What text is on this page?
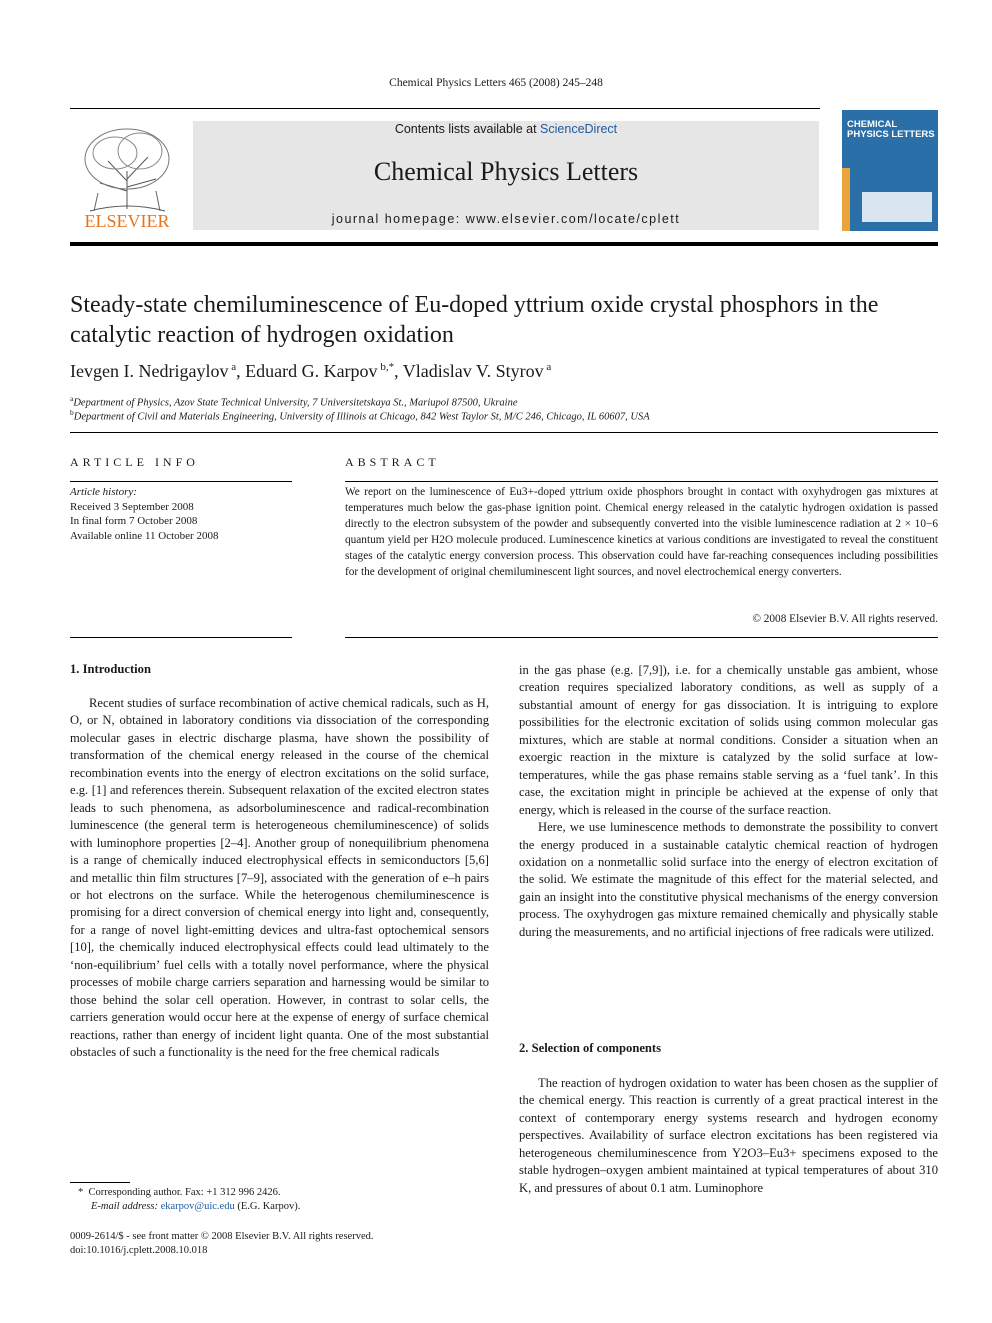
Chemical Physics Letters 465 (2008) 245–248
ELSEVIER
Contents lists available at ScienceDirect
Chemical Physics Letters
journal homepage: www.elsevier.com/locate/cplett
CHEMICAL PHYSICS LETTERS
Steady-state chemiluminescence of Eu-doped yttrium oxide crystal phosphors in the catalytic reaction of hydrogen oxidation
Ievgen I. Nedrigaylov $^a$, Eduard G. Karpov $^{b,*}$, Vladislav V. Styrov $^a$
$^a$Department of Physics, Azov State Technical University, 7 Universitetskaya St., Mariupol 87500, Ukraine
$^b$Department of Civil and Materials Engineering, University of Illinois at Chicago, 842 West Taylor St, M/C 246, Chicago, IL 60607, USA
ARTICLE INFO
Article history:
Received 3 September 2008
In final form 7 October 2008
Available online 11 October 2008
ABSTRACT
We report on the luminescence of Eu3+-doped yttrium oxide phosphors brought in contact with oxyhydrogen gas mixtures at temperatures much below the gas-phase ignition point. Chemical energy released in the catalytic hydrogen oxidation is passed directly to the electron subsystem of the powder and subsequently converted into the visible luminescence radiation at 2 × 10−6 quantum yield per H2O molecule produced. Luminescence kinetics at various conditions are investigated to reveal the constituent stages of the catalytic energy conversion process. This observation could have far-reaching consequences including possibilities for the development of original chemiluminescent light sources, and novel electrochemical energy converters.
© 2008 Elsevier B.V. All rights reserved.
1. Introduction

Recent studies of surface recombination of active chemical radicals, such as H, O, or N, obtained in laboratory conditions via dissociation of the corresponding molecular gases in electric discharge plasma, have shown the possibility of transformation of the chemical energy released in the course of the chemical recombination events into the energy of electron excitations on the solid surface, e.g. [1] and references therein. Subsequent relaxation of the excited electron states leads to such phenomena, as adsorboluminescence and radical-recombination luminescence (the general term is heterogeneous chemiluminescence) of solids with luminophore properties [2–4]. Another group of nonequilibrium phenomena is a range of chemically induced electrophysical effects in semiconductors [5,6] and metallic thin film structures [7–9], associated with the generation of e–h pairs or hot electrons on the surface. While the heterogenous chemiluminescence is promising for a direct conversion of chemical energy into light and, consequently, for a range of novel light-emitting devices and ultra-fast optochemical sensors [10], the chemically induced electrophysical effects could lead ultimately to the ‘non-equilibrium’ fuel cells with a totally novel performance, where the physical processes of mobile charge carriers separation and harnessing would be similar to those behind the solar cell operation. However, in contrast to solar cells, the carriers generation would occur here at the expense of energy of surface chemical reactions, rather than energy of incident light quanta. One of the most substantial obstacles of such a functionality is the need for the free chemical radicals

in the gas phase (e.g. [7,9]), i.e. for a chemically unstable gas ambient, whose creation requires specialized laboratory conditions, as well as supply of a substantial amount of energy for gas dissociation. It is intriguing to explore possibilities for the electronic excitation of solids using common molecular gas mixtures, which are stable at normal conditions. Consider a situation when an exoergic reaction in the mixture is catalyzed by the solid surface at low-temperatures, while the gas phase remains stable serving as a ‘fuel tank’. In this case, the excitation might in principle be achieved at the expense of only that energy, which is released in the course of the surface reaction.

Here, we use luminescence methods to demonstrate the possibility to convert the energy produced in a sustainable catalytic chemical reaction of hydrogen oxidation on a nonmetallic solid surface into the energy of electron excitation of the solid. We estimate the magnitude of this effect for the material selected, and gain an insight into the constitutive physical mechanisms of the energy conversion process. The oxyhydrogen gas mixture remained chemically and physically stable during the measurements, and no artificial injections of free radicals were utilized.

2. Selection of components

The reaction of hydrogen oxidation to water has been chosen as the supplier of the chemical energy. This reaction is currently of a great practical interest in the context of contemporary energy systems research and hydrogen economy perspectives. Availability of surface electron excitations has been registered via heterogeneous chemiluminescence from Y2O3–Eu3+ specimens exposed to the stable hydrogen–oxygen ambient maintained at typical temperatures of about 310 K, and pressures of about 0.1 atm. Luminophore

*  Corresponding author. Fax: +1 312 996 2426.
E-mail address: ekarpov@uic.edu (E.G. Karpov).
0009-2614/$ - see front matter © 2008 Elsevier B.V. All rights reserved.
doi:10.1016/j.cplett.2008.10.018
